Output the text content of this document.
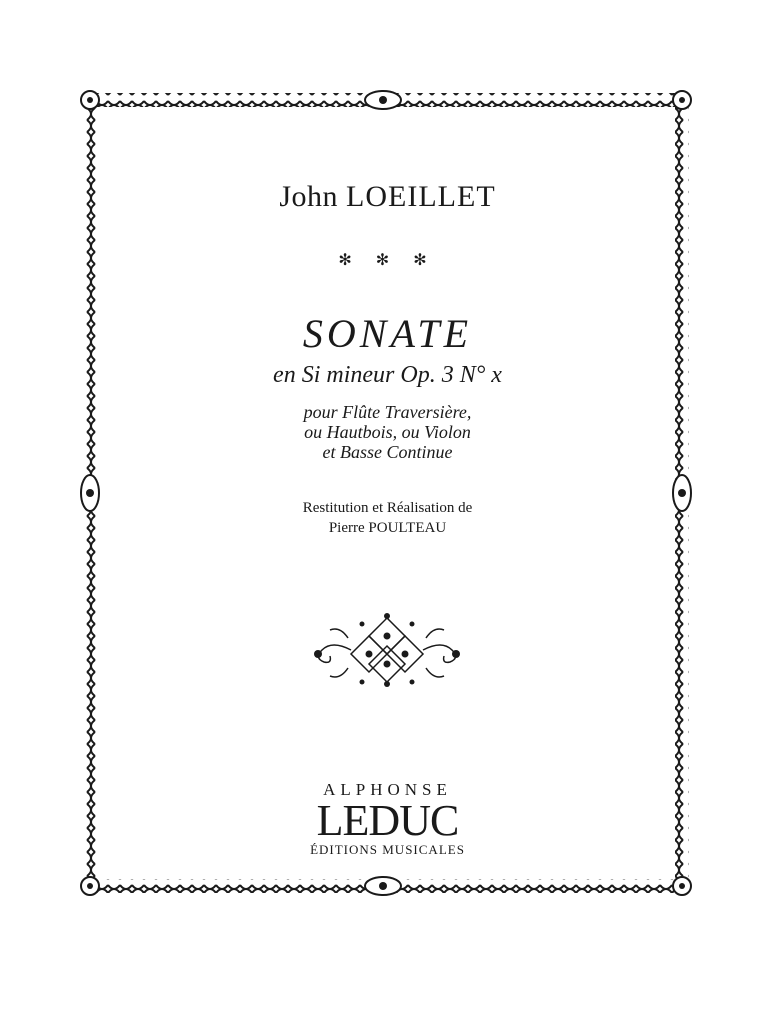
John LOEILLET
✻ ✻ ✻
SONATE
en Si mineur Op. 3 N° x
pour Flûte Traversière,
ou Hautbois, ou Violon
et Basse Continue
Restitution et Réalisation de
Pierre POULTEAU
ALPHONSE
LEDUC
ÉDITIONS MUSICALES
